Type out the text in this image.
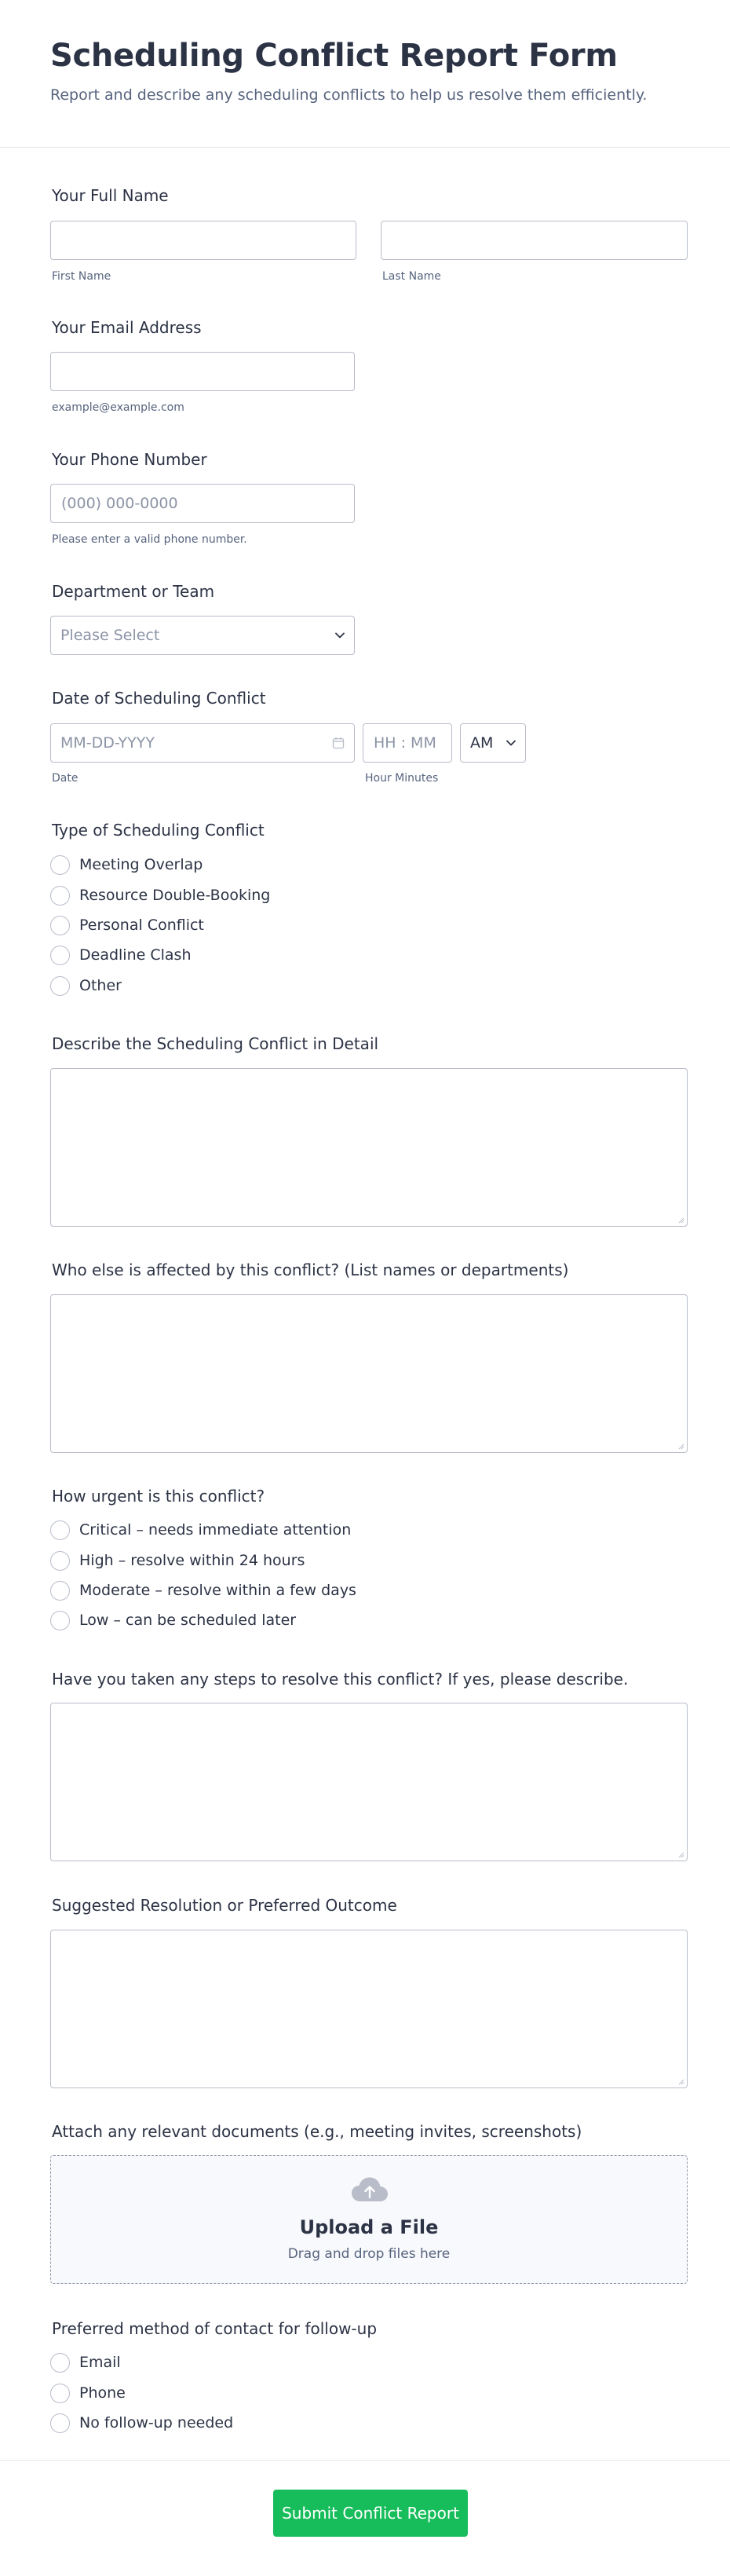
Scheduling Conflict Report Form

Report and describe any scheduling conflicts to help us resolve them efficiently.

Your Full Name
First Name	Last Name
Your Email Address
example@example.com
Your Phone Number
(000) 000-0000
Please enter a valid phone number.
Department or Team
Please Select
Date of Scheduling Conflict
MM-DD-YYYY
HH : MM	AM
Date	Hour Minutes
Type of Scheduling Conflict
Meeting Overlap
Resource Double-Booking
Personal Conflict
Deadline Clash
Other
Describe the Scheduling Conflict in Detail
Who else is affected by this conflict? (List names or departments)
How urgent is this conflict?
Critical – needs immediate attention
High – resolve within 24 hours
Moderate – resolve within a few days
Low – can be scheduled later
Have you taken any steps to resolve this conflict? If yes, please describe.
Suggested Resolution or Preferred Outcome
Attach any relevant documents (e.g., meeting invites, screenshots)
Upload a File
Drag and drop files here
Preferred method of contact for follow-up
Email
Phone
No follow-up needed
Submit Conflict Report
